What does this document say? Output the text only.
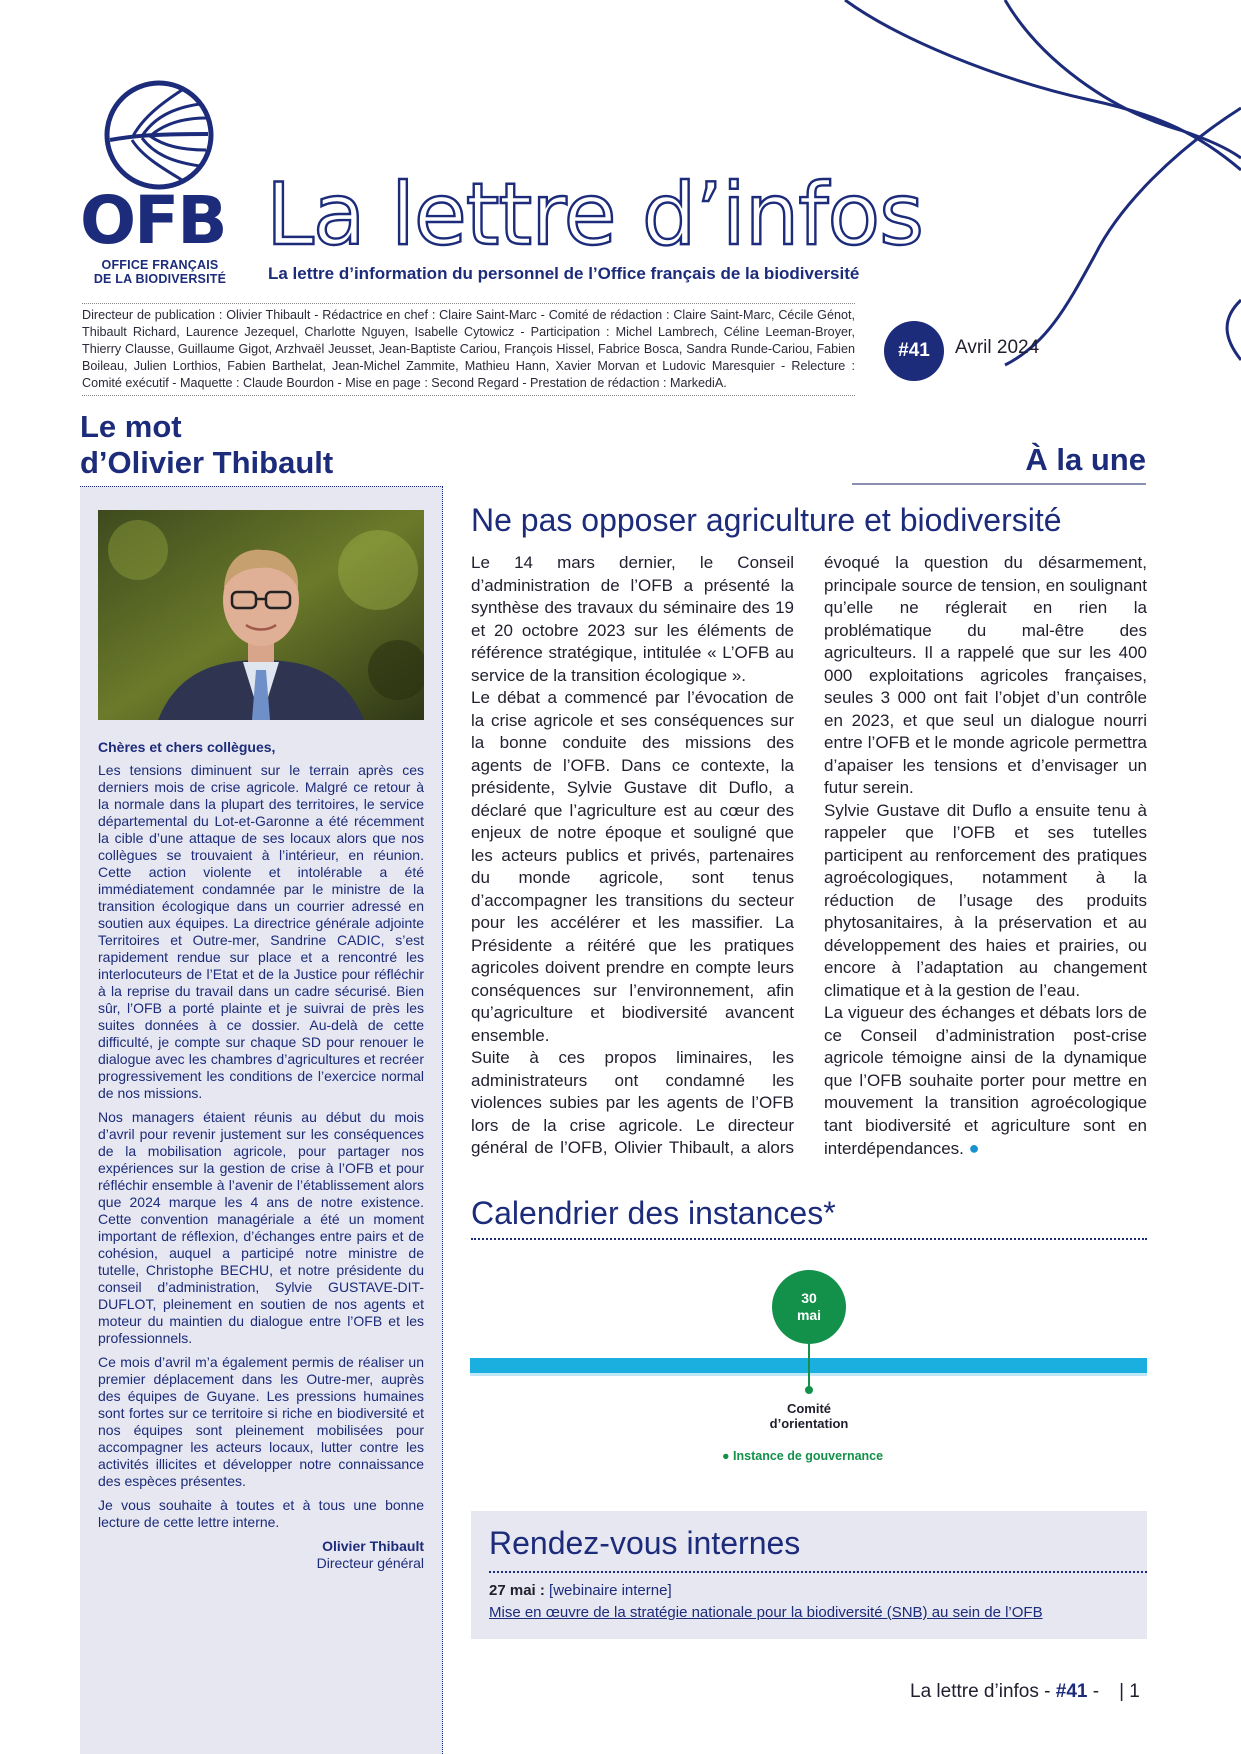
OFB
OFFICE FRANÇAIS
DE LA BIODIVERSITÉ
La lettre d’infos
La lettre d’information du personnel de l’Office français de la biodiversité
Directeur de publication : Olivier Thibault - Rédactrice en chef : Claire Saint-Marc - Comité de rédaction : Claire Saint-Marc, Cécile Génot, Thibault Richard, Laurence Jezequel, Charlotte Nguyen, Isabelle Cytowicz - Participation : Michel Lambrech, Céline Leeman-Broyer, Thierry Clausse, Guillaume Gigot, Arzhvaël Jeusset, Jean-Baptiste Cariou, François Hissel, Fabrice Bosca, Sandra Runde-Cariou, Fabien Boileau, Julien Lorthios, Fabien Barthelat, Jean-Michel Zammite, Mathieu Hann, Xavier Morvan et Ludovic Maresquier - Relecture : Comité exécutif - Maquette : Claude Bourdon - Mise en page : Second Regard - Prestation de rédaction : MarkediA.
#41	Avril 2024
Le mot
d’Olivier Thibault

Chères et chers collègues,

Les tensions diminuent sur le terrain après ces derniers mois de crise agricole. Malgré ce retour à la normale dans la plupart des territoires, le service départemental du Lot-et-Garonne a été récemment la cible d’une attaque de ses locaux alors que nos collègues se trouvaient à l’intérieur, en réunion. Cette action violente et intolérable a été immédiatement condamnée par le ministre de la transition écologique dans un courrier adressé en soutien aux équipes. La directrice générale adjointe Territoires et Outre-mer, Sandrine CADIC, s’est rapidement rendue sur place et a rencontré les interlocuteurs de l’Etat et de la Justice pour réfléchir à la reprise du travail dans un cadre sécurisé. Bien sûr, l’OFB a porté plainte et je suivrai de près les suites données à ce dossier. Au-delà de cette difficulté, je compte sur chaque SD pour renouer le dialogue avec les chambres d’agricultures et recréer progressivement les conditions de l’exercice normal de nos missions.

Nos managers étaient réunis au début du mois d’avril pour revenir justement sur les conséquences de la mobilisation agricole, pour partager nos expériences sur la gestion de crise à l’OFB et pour réfléchir ensemble à l’avenir de l’établissement alors que 2024 marque les 4 ans de notre existence. Cette convention managériale a été un moment important de réflexion, d’échanges entre pairs et de cohésion, auquel a participé notre ministre de tutelle, Christophe BECHU, et notre présidente du conseil d’administration, Sylvie GUSTAVE-DIT-DUFLOT, pleinement en soutien de nos agents et moteur du maintien du dialogue entre l’OFB et les professionnels.

Ce mois d’avril m’a également permis de réaliser un premier déplacement dans les Outre-mer, auprès des équipes de Guyane. Les pressions humaines sont fortes sur ce territoire si riche en biodiversité et nos équipes sont pleinement mobilisées pour accompagner les acteurs locaux, lutter contre les activités illicites et développer notre connaissance des espèces présentes.

Je vous souhaite à toutes et à tous une bonne lecture de cette lettre interne.

Olivier Thibault

Directeur général

À la une
Ne pas opposer agriculture et biodiversité

Le 14 mars dernier, le Conseil d’administration de l’OFB a présenté la synthèse des travaux du séminaire des 19 et 20 octobre 2023 sur les éléments de référence stratégique, intitulée « L’OFB au service de la transition écologique ».

Le débat a commencé par l’évocation de la crise agricole et ses conséquences sur la bonne conduite des missions des agents de l’OFB. Dans ce contexte, la présidente, Sylvie Gustave dit Duflo, a déclaré que l’agriculture est au cœur des enjeux de notre époque et souligné que les acteurs publics et privés, partenaires du monde agricole, sont tenus d’accompagner les transitions du secteur pour les accélérer et les massifier. La Présidente a réitéré que les pratiques agricoles doivent prendre en compte leurs conséquences sur l’environnement, afin qu’agriculture et biodiversité avancent ensemble.

Suite à ces propos liminaires, les administrateurs ont condamné les violences subies par les agents de l’OFB lors de la crise agricole. Le directeur général de l’OFB, Olivier Thibault, a alors évoqué la question du désarmement, principale source de tension, en soulignant qu’elle ne réglerait en rien la problématique du mal-être des agriculteurs. Il a rappelé que sur les 400 000 exploitations agricoles françaises, seules 3 000 ont fait l’objet d’un contrôle en 2023, et que seul un dialogue nourri entre l’OFB et le monde agricole permettra d’apaiser les tensions et d’envisager un futur serein.

Sylvie Gustave dit Duflo a ensuite tenu à rappeler que l’OFB et ses tutelles participent au renforcement des pratiques agroécologiques, notamment à la réduction de l’usage des produits phytosanitaires, à la préservation et au développement des haies et prairies, ou encore à l’adaptation au changement climatique et à la gestion de l’eau.

La vigueur des échanges et débats lors de ce Conseil d’administration post-crise agricole témoigne ainsi de la dynamique que l’OFB souhaite porter pour mettre en mouvement la transition agroécologique tant biodiversité et agriculture sont en interdépendances. ●

Calendrier des instances*
30
mai
Comité
d’orientation
● Instance de gouvernance
Rendez-vous internes
27 mai : [webinaire interne]
Mise en œuvre de la stratégie nationale pour la biodiversité (SNB) au sein de l’OFB
La lettre d’infos - #41 - | 1
